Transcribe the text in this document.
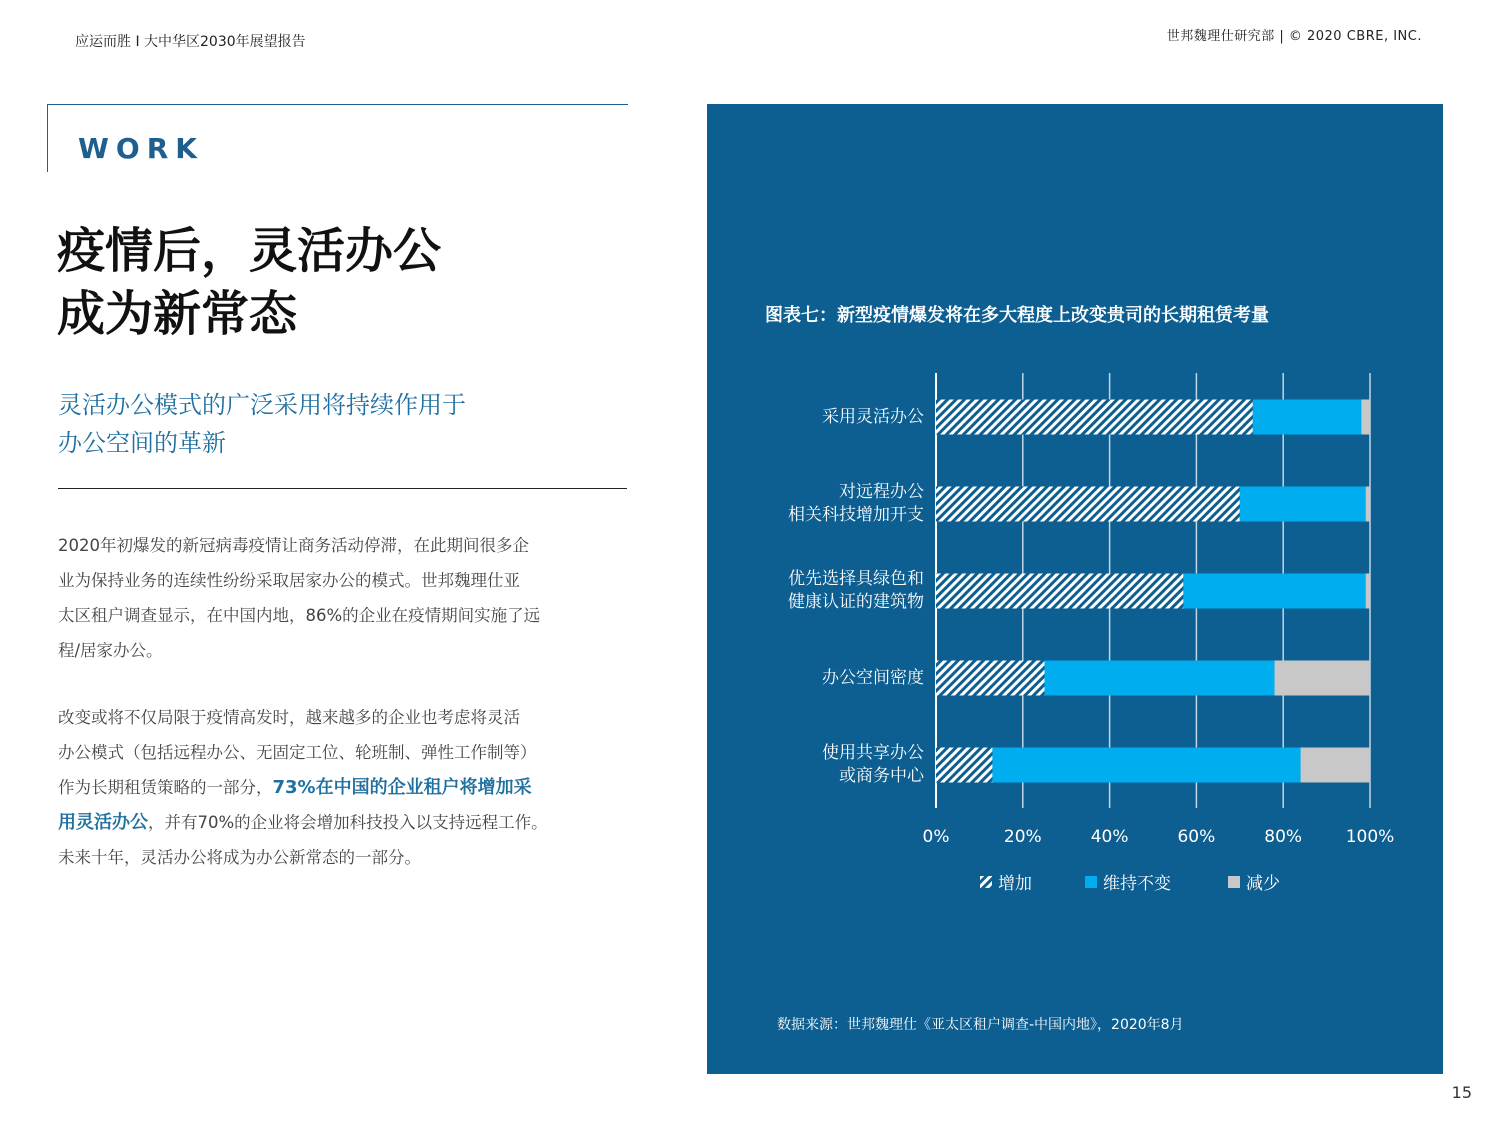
应运而胜 I 大中华区2030年展望报告	世邦魏理仕研究部 | © 2020 CBRE, INC.
WORK
疫情后，灵活办公
成为新常态
灵活办公模式的广泛采用将持续作用于
办公空间的革新
2020年初爆发的新冠病毒疫情让商务活动停滞，在此期间很多企
业为保持业务的连续性纷纷采取居家办公的模式。世邦魏理仕亚
太区租户调查显示，在中国内地，86%的企业在疫情期间实施了远
程/居家办公。
改变或将不仅局限于疫情高发时，越来越多的企业也考虑将灵活
办公模式（包括远程办公、无固定工位、轮班制、弹性工作制等）
作为长期租赁策略的一部分，73%在中国的企业租户将增加采
用灵活办公，并有70%的企业将会增加科技投入以支持远程工作。
未来十年，灵活办公将成为办公新常态的一部分。
图表七：新型疫情爆发将在多大程度上改变贵司的长期租赁考量
采用灵活办公
对远程办公
相关科技增加开支
优先选择具绿色和
健康认证的建筑物
办公空间密度
使用共享办公
或商务中心
0%	20%	40%	60%	80%	100%
增加	维持不变	减少
数据来源：世邦魏理仕《亚太区租户调查-中国内地》，2020年8月
15
